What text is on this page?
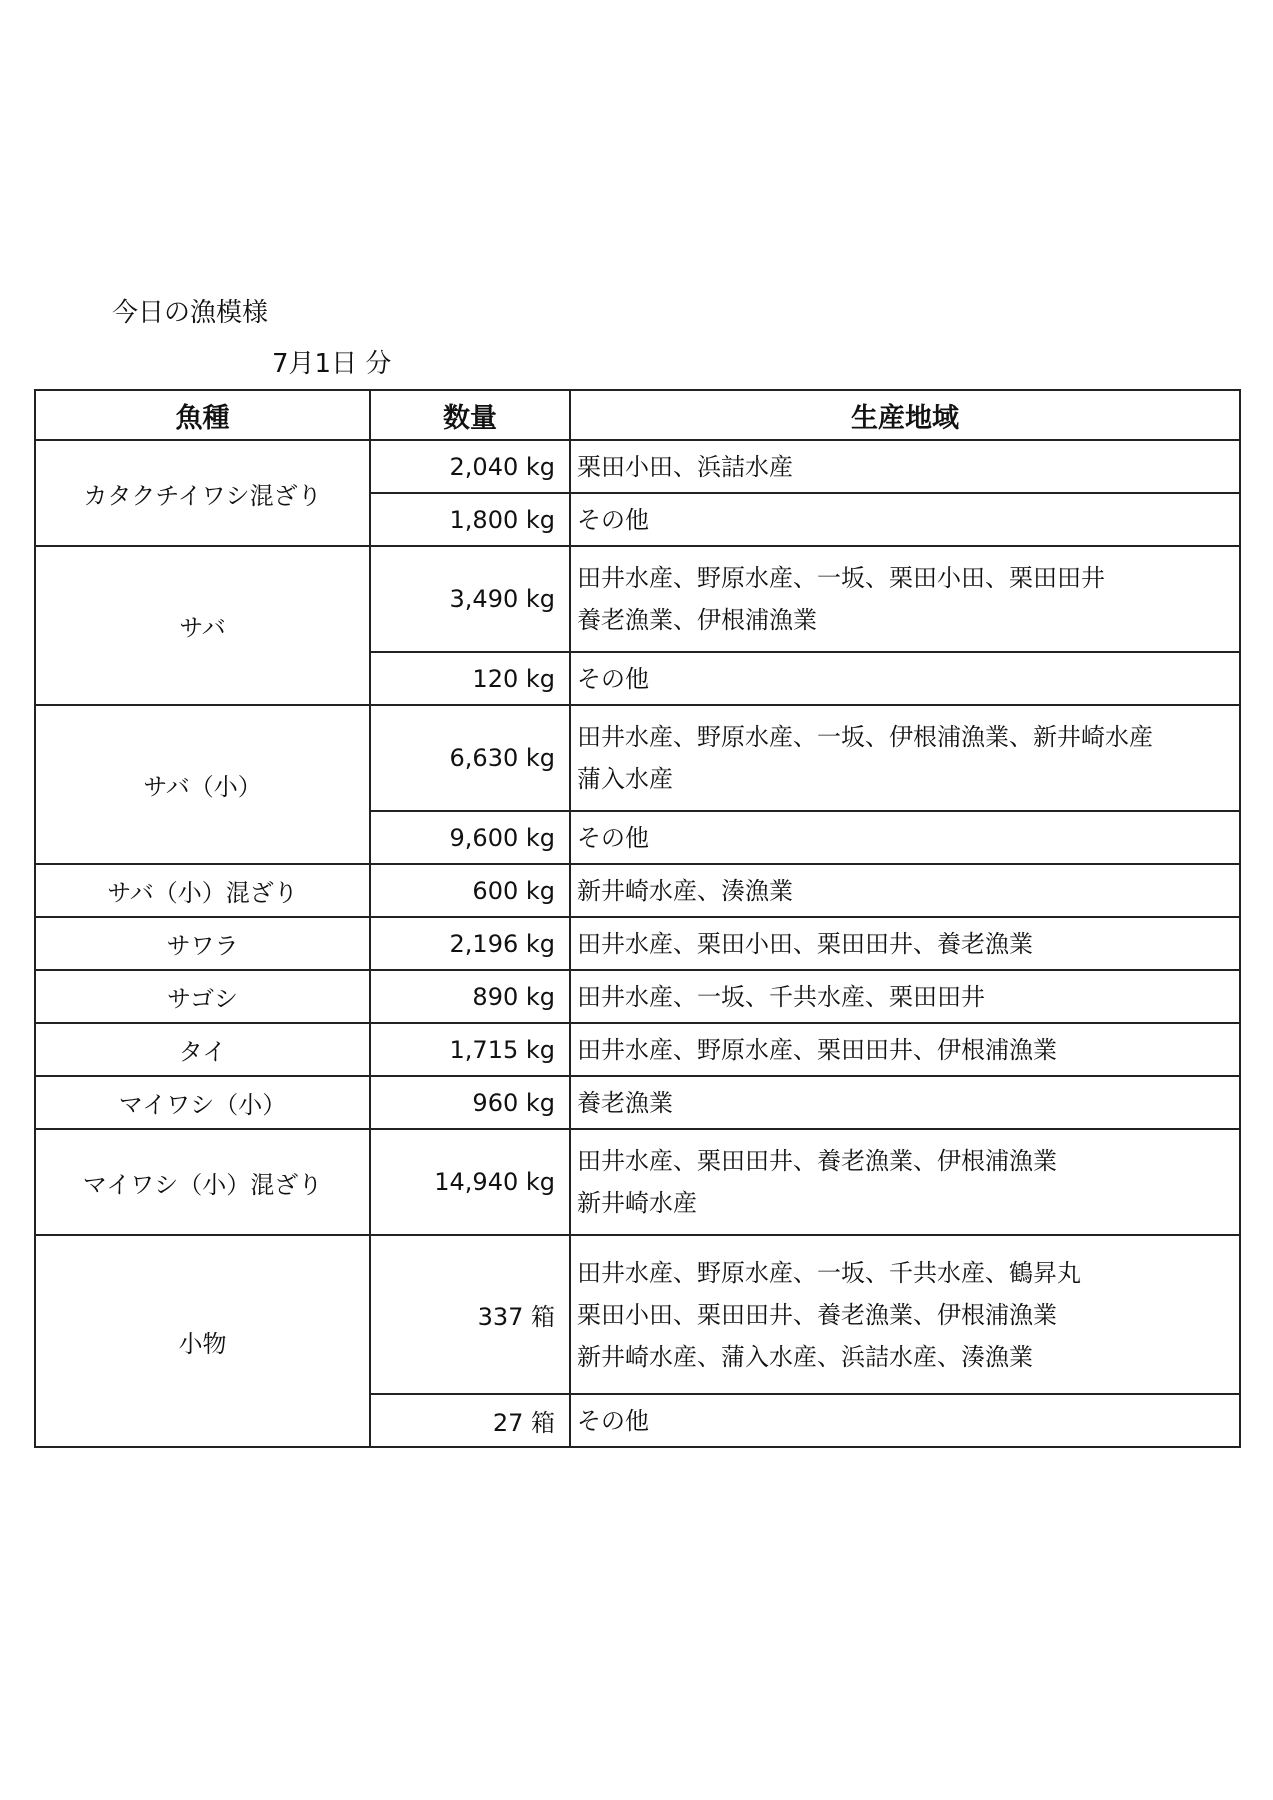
今日の漁模様
7月1日 分
魚種	数量	生産地域
カタクチイワシ混ざり	2,040 kg	栗田小田、浜詰水産

	1,800 kg	その他

サバ	3,490 kg	田井水産、野原水産、一坂、栗田小田、栗田田井
養老漁業、伊根浦漁業

	120 kg	その他

サバ（小）	6,630 kg	田井水産、野原水産、一坂、伊根浦漁業、新井崎水産
蒲入水産

	9,600 kg	その他

サバ（小）混ざり	600 kg	新井崎水産、湊漁業

サワラ	2,196 kg	田井水産、栗田小田、栗田田井、養老漁業

サゴシ	890 kg	田井水産、一坂、千共水産、栗田田井

タイ	1,715 kg	田井水産、野原水産、栗田田井、伊根浦漁業

マイワシ（小）	960 kg	養老漁業

マイワシ（小）混ざり	14,940 kg	田井水産、栗田田井、養老漁業、伊根浦漁業
新井崎水産

小物	337 箱	田井水産、野原水産、一坂、千共水産、鶴昇丸
栗田小田、栗田田井、養老漁業、伊根浦漁業
新井崎水産、蒲入水産、浜詰水産、湊漁業

	27 箱	その他
